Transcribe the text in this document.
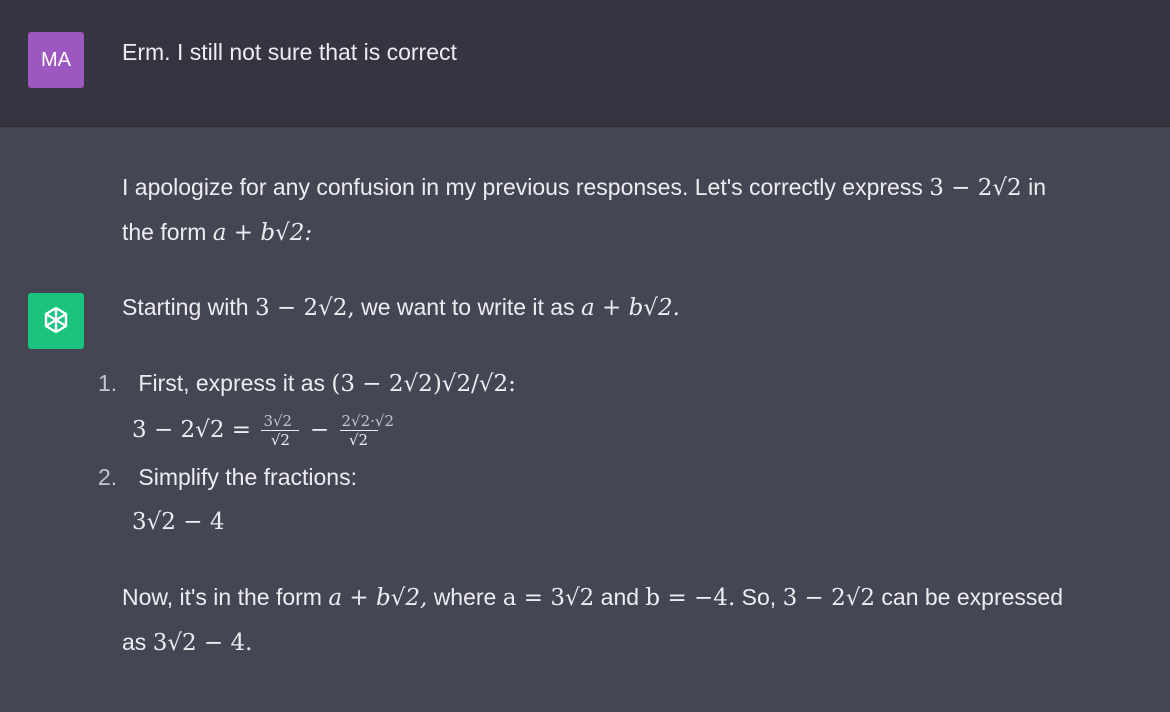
MA Erm. I still not sure that is correct
I apologize for any confusion in my previous responses. Let's correctly express 3 − 2√2 in
the form a + b√2:
Starting with 3 − 2√2, we want to write it as a + b√2.
1. First, express it as (3 − 2√2)√2/√2:
$3 - 2√2 = \frac{3√2}{√2} - \frac{2√2\cdot√2}{√2}$
2. Simplify the fractions:
3√2 − 4
Now, it's in the form a + b√2, where a = 3√2 and b = −4. So, 3 − 2√2 can be expressed
as 3√2 − 4.
